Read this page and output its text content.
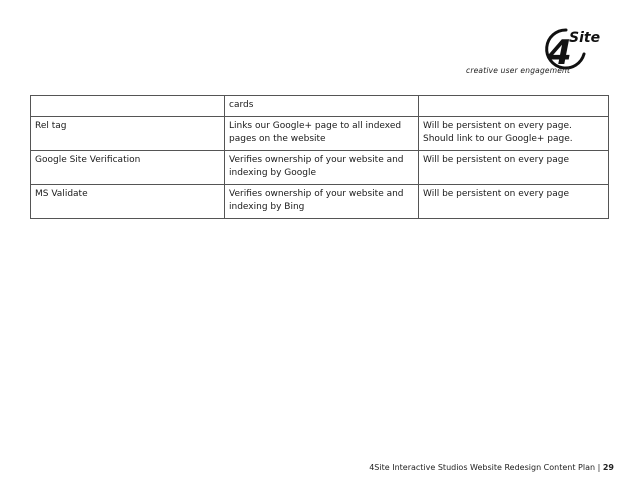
4
Site
creative user engagement
	cards	
Rel tag	Links our Google+ page to all indexed pages on the website	Will be persistent on every page. Should link to our Google+ page.
Google Site Verification	Verifies ownership of your website and indexing by Google	Will be persistent on every page
MS Validate	Verifies ownership of your website and indexing by Bing	Will be persistent on every page
4Site Interactive Studios Website Redesign Content Plan | 29
